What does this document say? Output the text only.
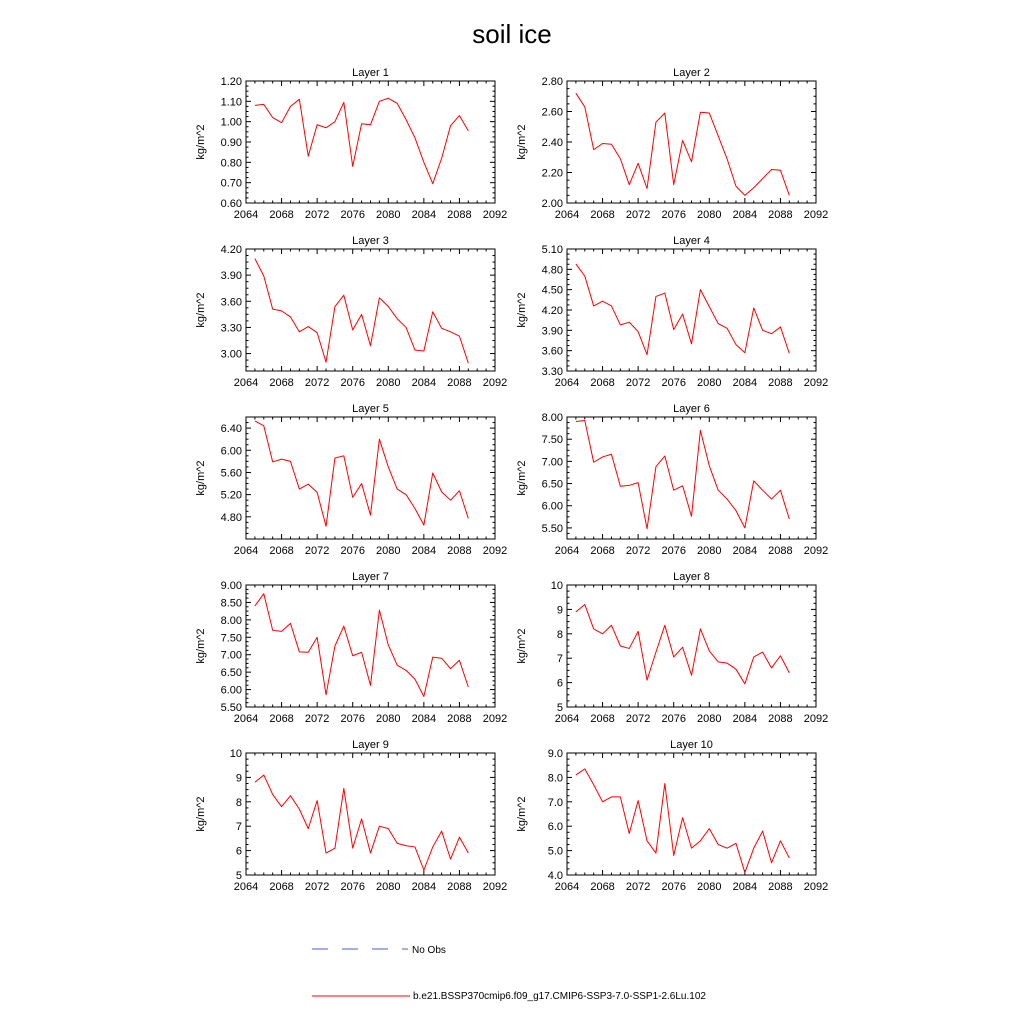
soil ice
Layer 1
kg/m^2
2064 2068 2072 2076 2080 2084 2088 2092
0.60
0.70
0.80
0.90
1.00
1.10
1.20
Layer 2
kg/m^2
2064 2068 2072 2076 2080 2084 2088 2092
2.00
2.20
2.40
2.60
2.80
Layer 3
kg/m^2
2064 2068 2072 2076 2080 2084 2088 2092
3.00
3.30
3.60
3.90
4.20
Layer 4
kg/m^2
2064 2068 2072 2076 2080 2084 2088 2092
3.30
3.60
3.90
4.20
4.50
4.80
5.10
Layer 5
kg/m^2
2064 2068 2072 2076 2080 2084 2088 2092
4.80
5.20
5.60
6.00
6.40
Layer 6
kg/m^2
2064 2068 2072 2076 2080 2084 2088 2092
5.50
6.00
6.50
7.00
7.50
8.00
Layer 7
kg/m^2
2064 2068 2072 2076 2080 2084 2088 2092
5.50
6.00
6.50
7.00
7.50
8.00
8.50
9.00
Layer 8
kg/m^2
2064 2068 2072 2076 2080 2084 2088 2092
5
6
7
8
9
10
Layer 9
kg/m^2
2064 2068 2072 2076 2080 2084 2088 2092
5
6
7
8
9
10
Layer 10
kg/m^2
2064 2068 2072 2076 2080 2084 2088 2092
4.0
5.0
6.0
7.0
8.0
9.0
No Obs
b.e21.BSSP370cmip6.f09_g17.CMIP6-SSP3-7.0-SSP1-2.6Lu.102
